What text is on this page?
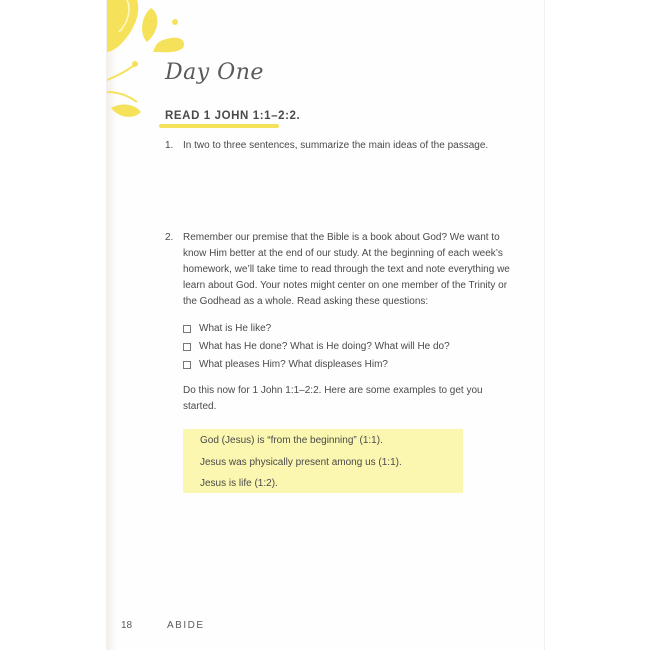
Day One
READ 1 JOHN 1:1–2:2.
1. In two to three sentences, summarize the main ideas of the passage.
2. Remember our premise that the Bible is a book about God? We want to know Him better at the end of our study. At the beginning of each week’s homework, we’ll take time to read through the text and note everything we learn about God. Your notes might center on one member of the Trinity or the Godhead as a whole. Read asking these questions:
What is He like?
What has He done? What is He doing? What will He do?
What pleases Him? What displeases Him?
Do this now for 1 John 1:1–2:2. Here are some examples to get you started.
God (Jesus) is “from the beginning” (1:1).
Jesus was physically present among us (1:1).
Jesus is life (1:2).
18	ABIDE
